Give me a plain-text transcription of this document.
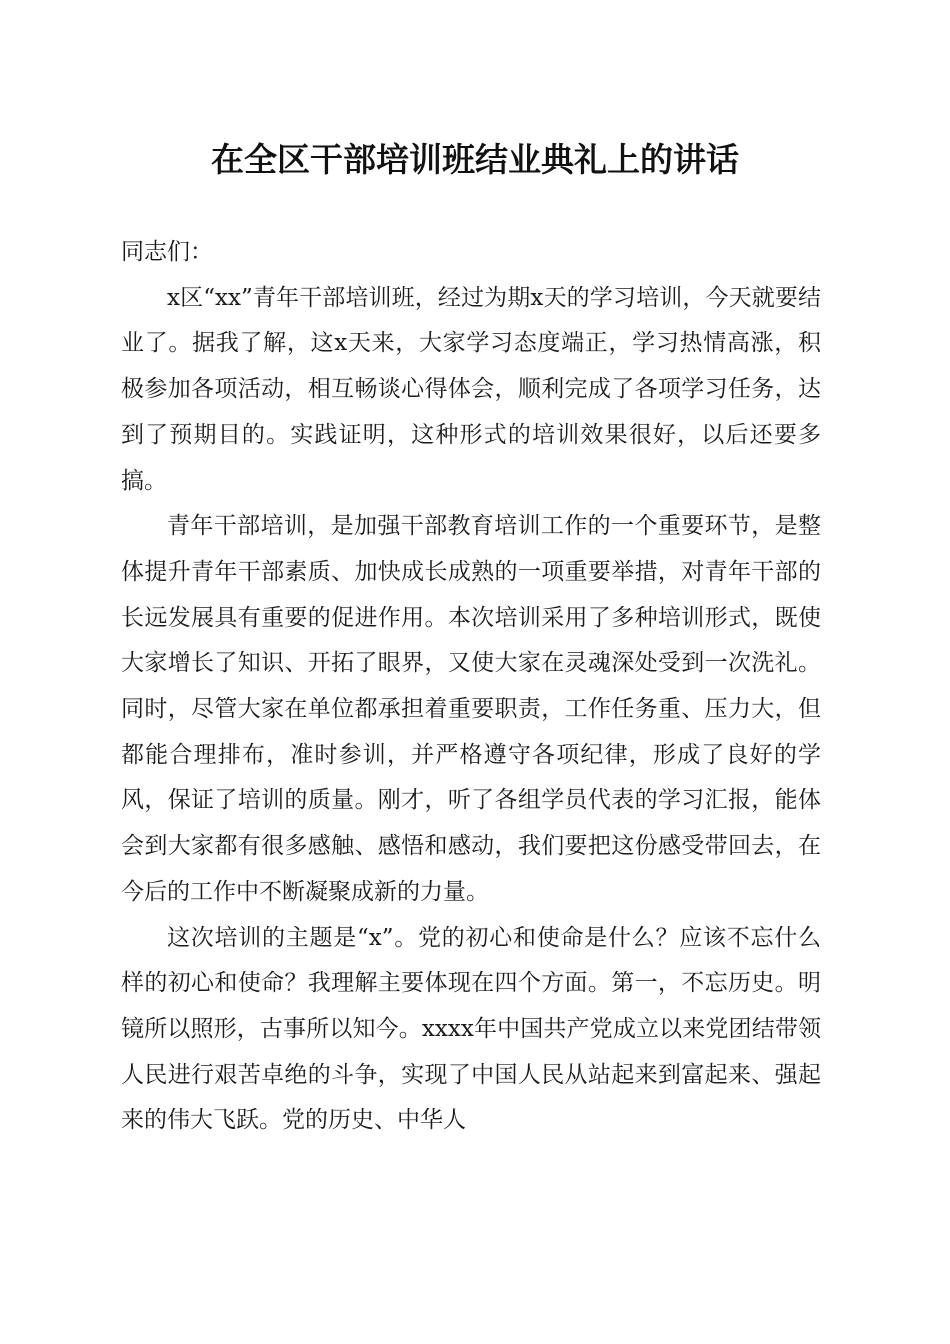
在全区干部培训班结业典礼上的讲话

同志们：

x区“xx”青年干部培训班，经过为期x天的学习培训，今天就要结业了。据我了解，这x天来，大家学习态度端正，学习热情高涨，积极参加各项活动，相互畅谈心得体会，顺利完成了各项学习任务，达到了预期目的。实践证明，这种形式的培训效果很好，以后还要多搞。

青年干部培训，是加强干部教育培训工作的一个重要环节，是整体提升青年干部素质、加快成长成熟的一项重要举措，对青年干部的长远发展具有重要的促进作用。本次培训采用了多种培训形式，既使大家增长了知识、开拓了眼界，又使大家在灵魂深处受到一次洗礼。同时，尽管大家在单位都承担着重要职责，工作任务重、压力大，但都能合理排布，准时参训，并严格遵守各项纪律，形成了良好的学风，保证了培训的质量。刚才，听了各组学员代表的学习汇报，能体会到大家都有很多感触、感悟和感动，我们要把这份感受带回去，在今后的工作中不断凝聚成新的力量。

这次培训的主题是“x”。党的初心和使命是什么？应该不忘什么样的初心和使命？我理解主要体现在四个方面。第一，不忘历史。明镜所以照形，古事所以知今。xxxx年中国共产党成立以来党团结带领人民进行艰苦卓绝的斗争，实现了中国人民从站起来到富起来、强起来的伟大飞跃。党的历史、中华人
